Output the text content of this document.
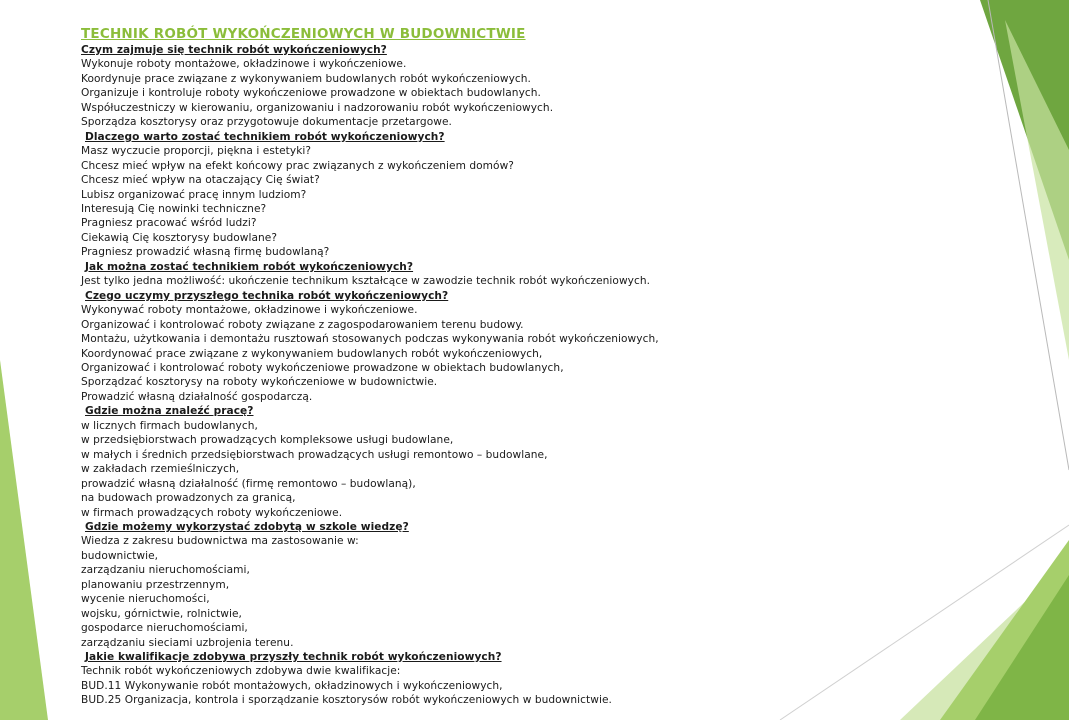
TECHNIK ROBÓT WYKOŃCZENIOWYCH W BUDOWNICTWIE
Czym zajmuje się technik robót wykończeniowych?
Wykonuje roboty montażowe, okładzinowe i wykończeniowe.
Koordynuje prace związane z wykonywaniem budowlanych robót wykończeniowych.
Organizuje i kontroluje roboty wykończeniowe prowadzone w obiektach budowlanych.
Współuczestniczy w kierowaniu, organizowaniu i nadzorowaniu robót wykończeniowych.
Sporządza kosztorysy oraz przygotowuje dokumentacje przetargowe.
Dlaczego warto zostać technikiem robót wykończeniowych?
Masz wyczucie proporcji, piękna i estetyki?
Chcesz mieć wpływ na efekt końcowy prac związanych z wykończeniem domów?
Chcesz mieć wpływ na otaczający Cię świat?
Lubisz organizować pracę innym ludziom?
Interesują Cię nowinki techniczne?
Pragniesz pracować wśród ludzi?
Ciekawią Cię kosztorysy budowlane?
Pragniesz prowadzić własną firmę budowlaną?
Jak można zostać technikiem robót wykończeniowych?
Jest tylko jedna możliwość: ukończenie technikum kształcące w zawodzie technik robót wykończeniowych.
Czego uczymy przyszłego technika robót wykończeniowych?
Wykonywać roboty montażowe, okładzinowe i wykończeniowe.
Organizować i kontrolować roboty związane z zagospodarowaniem terenu budowy.
Montażu, użytkowania i demontażu rusztowań stosowanych podczas wykonywania robót wykończeniowych,
Koordynować prace związane z wykonywaniem budowlanych robót wykończeniowych,
Organizować i kontrolować roboty wykończeniowe prowadzone w obiektach budowlanych,
Sporządzać kosztorysy na roboty wykończeniowe w budownictwie.
Prowadzić własną działalność gospodarczą.
Gdzie można znaleźć pracę?
w licznych firmach budowlanych,
w przedsiębiorstwach prowadzących kompleksowe usługi budowlane,
w małych i średnich przedsiębiorstwach prowadzących usługi remontowo – budowlane,
w zakładach rzemieślniczych,
prowadzić własną działalność (firmę remontowo – budowlaną),
na budowach prowadzonych za granicą,
w firmach prowadzących roboty wykończeniowe.
Gdzie możemy wykorzystać zdobytą w szkole wiedzę?
Wiedza z zakresu budownictwa ma zastosowanie w:
budownictwie,
zarządzaniu nieruchomościami,
planowaniu przestrzennym,
wycenie nieruchomości,
wojsku, górnictwie, rolnictwie,
gospodarce nieruchomościami,
zarządzaniu sieciami uzbrojenia terenu.
Jakie kwalifikacje zdobywa przyszły technik robót wykończeniowych?
Technik robót wykończeniowych zdobywa dwie kwalifikacje:
BUD.11 Wykonywanie robót montażowych, okładzinowych i wykończeniowych,
BUD.25 Organizacja, kontrola i sporządzanie kosztorysów robót wykończeniowych w budownictwie.
